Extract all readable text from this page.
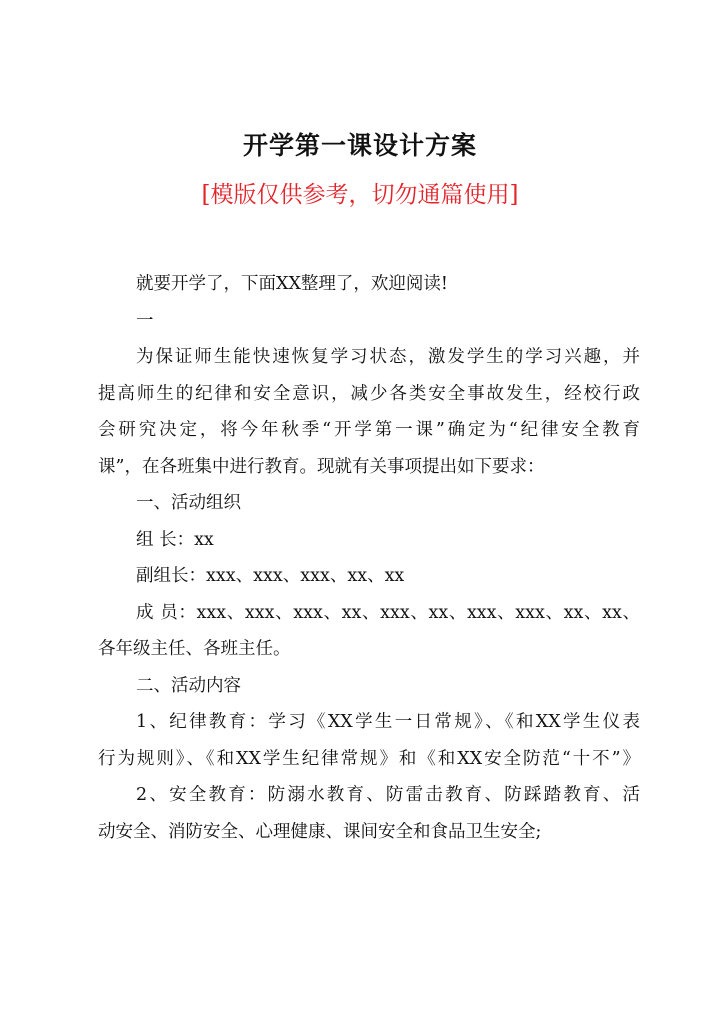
开学第一课设计方案
[模版仅供参考，切勿通篇使用]

就要开学了，下面XX整理了，欢迎阅读!

一

为保证师生能快速恢复学习状态，激发学生的学习兴趣，并

提高师生的纪律和安全意识，减少各类安全事故发生，经校行政

会研究决定，将今年秋季“开学第一课”确定为“纪律安全教育

课”，在各班集中进行教育。现就有关事项提出如下要求：

一、活动组织

组 长：xx

副组长：xxx、xxx、xxx、xx、xx

成 员：xxx、xxx、xxx、xx、xxx、xx、xxx、xxx、xx、xx、

各年级主任、各班主任。

二、活动内容

1、纪律教育：学习《XX学生一日常规》、《和XX学生仪表

行为规则》、《和XX学生纪律常规》和《和XX安全防范“十不”》

2、安全教育：防溺水教育、防雷击教育、防踩踏教育、活

动安全、消防安全、心理健康、课间安全和食品卫生安全;
